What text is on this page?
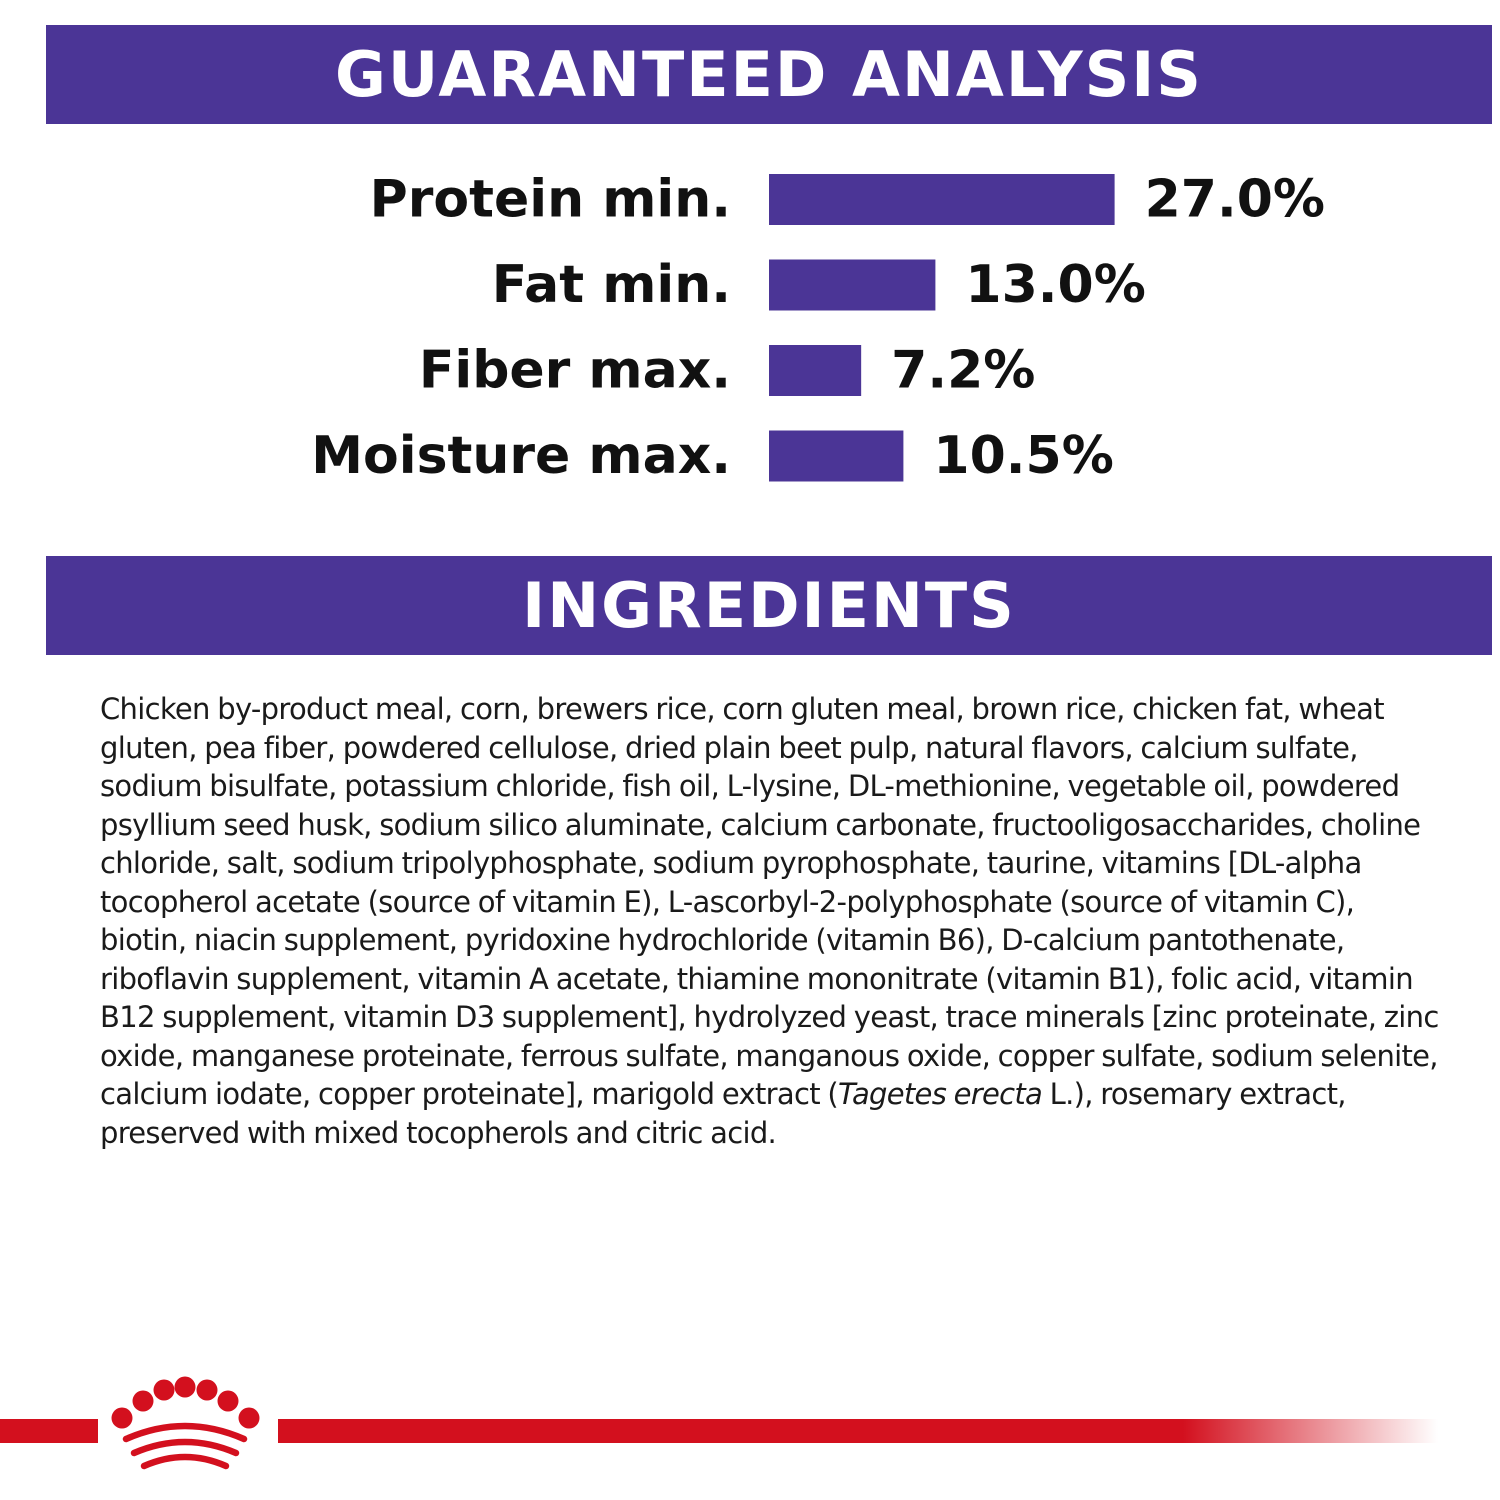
GUARANTEED ANALYSIS
Protein min.	27.0%
Fat min.	13.0%
Fiber max.	7.2%
Moisture max.	10.5%
INGREDIENTS

Chicken by-product meal, corn, brewers rice, corn gluten meal, brown rice, chicken fat, wheat gluten, pea fiber, powdered cellulose, dried plain beet pulp, natural flavors, calcium sulfate, sodium bisulfate, potassium chloride, fish oil, L-lysine, DL-methionine, vegetable oil, powdered psyllium seed husk, sodium silico aluminate, calcium carbonate, fructooligosaccharides, choline chloride, salt, sodium tripolyphosphate, sodium pyrophosphate, taurine, vitamins [DL-alpha tocopherol acetate (source of vitamin E), L-ascorbyl-2-polyphosphate (source of vitamin C), biotin, niacin supplement, pyridoxine hydrochloride (vitamin B6), D-calcium pantothenate, riboflavin supplement, vitamin A acetate, thiamine mononitrate (vitamin B1), folic acid, vitamin B12 supplement, vitamin D3 supplement], hydrolyzed yeast, trace minerals [zinc proteinate, zinc oxide, manganese proteinate, ferrous sulfate, manganous oxide, copper sulfate, sodium selenite, calcium iodate, copper proteinate], marigold extract (Tagetes erecta L.), rosemary extract, preserved with mixed tocopherols and citric acid.
